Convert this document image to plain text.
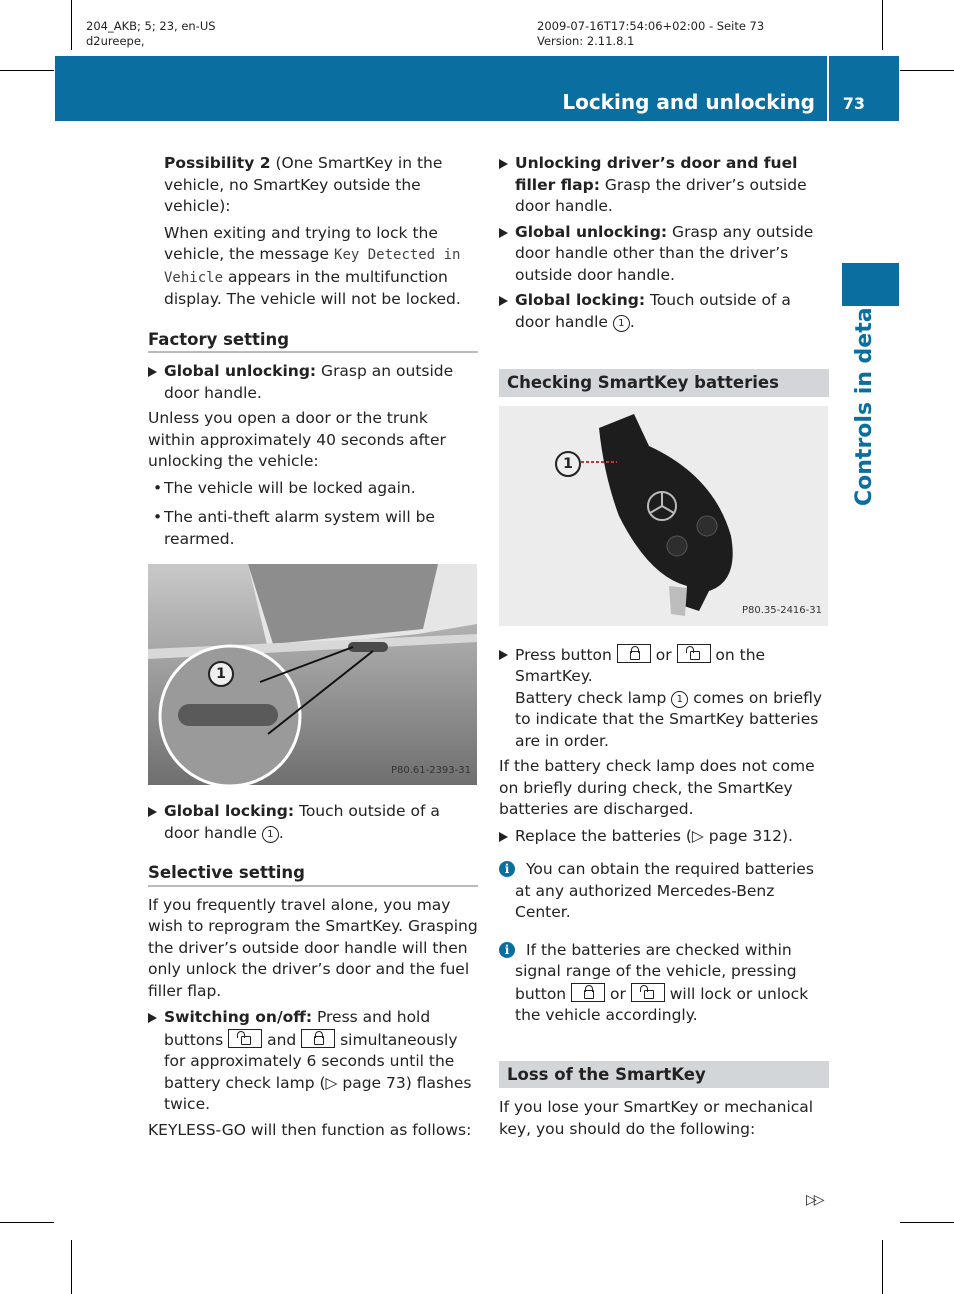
204_AKB; 5; 23, en-US
d2ureepe,
2009-07-16T17:54:06+02:00 - Seite 73
Version: 2.11.8.1
Locking and unlocking 73
Controls in detail

Possibility 2 (One SmartKey in the vehicle, no SmartKey outside the vehicle):

When exiting and trying to lock the vehicle, the message Key Detected in Vehicle appears in the multifunction display. The vehicle will not be locked.

Factory setting
Global unlocking: Grasp an outside door handle.

Unless you open a door or the trunk within approximately 40 seconds after unlocking the vehicle:

• The vehicle will be locked again.
• The anti-theft alarm system will be rearmed.
1
P80.61-2393-31
Global locking: Touch outside of a door handle 1 .
Selective setting

If you frequently travel alone, you may wish to reprogram the SmartKey. Grasping the driver’s outside door handle will then only unlock the driver’s door and the fuel filler flap.

Switching on/off: Press and hold buttons
and
simultaneously for approximately 6 seconds until the battery check lamp (▷ page 73) flashes twice.

KEYLESS-GO will then function as follows:

Unlocking driver’s door and fuel filler flap: Grasp the driver’s outside door handle.
Global unlocking: Grasp any outside door handle other than the driver’s outside door handle.
Global locking: Touch outside of a door handle 1 .
Checking SmartKey batteries
1
P80.35-2416-31
Press button
or
on the SmartKey.
Battery check lamp 1 comes on briefly to indicate that the SmartKey batteries are in order.

If the battery check lamp does not come on briefly during check, the SmartKey batteries are discharged.

Replace the batteries (▷ page 312).
i	You can obtain the required batteries at any authorized Mercedes-Benz Center.
i	If the batteries are checked within signal range of the vehicle, pressing button
or
will lock or unlock the vehicle accordingly.
Loss of the SmartKey

If you lose your SmartKey or mechanical key, you should do the following:

▷▷
